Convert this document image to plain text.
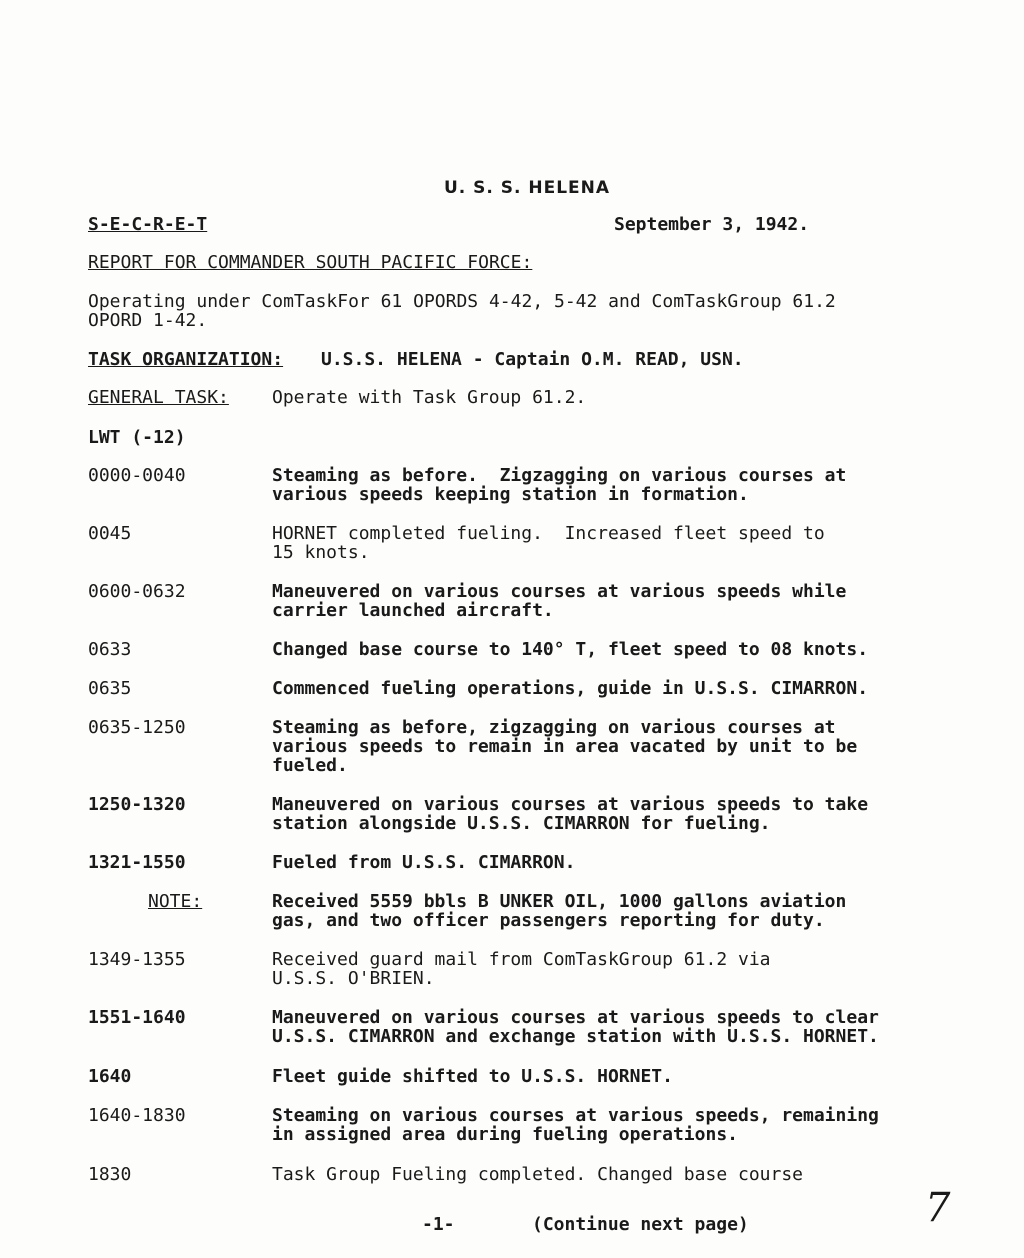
U. S. S. HELENA
S-E-C-R-E-T	September 3, 1942.
REPORT FOR COMMANDER SOUTH PACIFIC FORCE:
Operating under ComTaskFor 61 OPORDS 4-42, 5-42 and ComTaskGroup 61.2
OPORD 1-42.
TASK ORGANIZATION: U.S.S. HELENA - Captain O.M. READ, USN.
GENERAL TASK: Operate with Task Group 61.2.
LWT (-12)
0000-0040	Steaming as before.  Zigzagging on various courses at
various speeds keeping station in formation.
0045	HORNET completed fueling.  Increased fleet speed to
15 knots.
0600-0632	Maneuvered on various courses at various speeds while
carrier launched aircraft.
0633	Changed base course to 140° T, fleet speed to 08 knots.
0635	Commenced fueling operations, guide in U.S.S. CIMARRON.
0635-1250	Steaming as before, zigzagging on various courses at
various speeds to remain in area vacated by unit to be
fueled.
1250-1320	Maneuvered on various courses at various speeds to take
station alongside U.S.S. CIMARRON for fueling.
1321-1550	Fueled from U.S.S. CIMARRON.
NOTE:	Received 5559 bbls B UNKER OIL, 1000 gallons aviation
gas, and two officer passengers reporting for duty.
1349-1355	Received guard mail from ComTaskGroup 61.2 via
U.S.S. O'BRIEN.
1551-1640	Maneuvered on various courses at various speeds to clear
U.S.S. CIMARRON and exchange station with U.S.S. HORNET.
1640	Fleet guide shifted to U.S.S. HORNET.
1640-1830	Steaming on various courses at various speeds, remaining
in assigned area during fueling operations.
1830	Task Group Fueling completed. Changed base course
-1-	(Continue next page)	7
